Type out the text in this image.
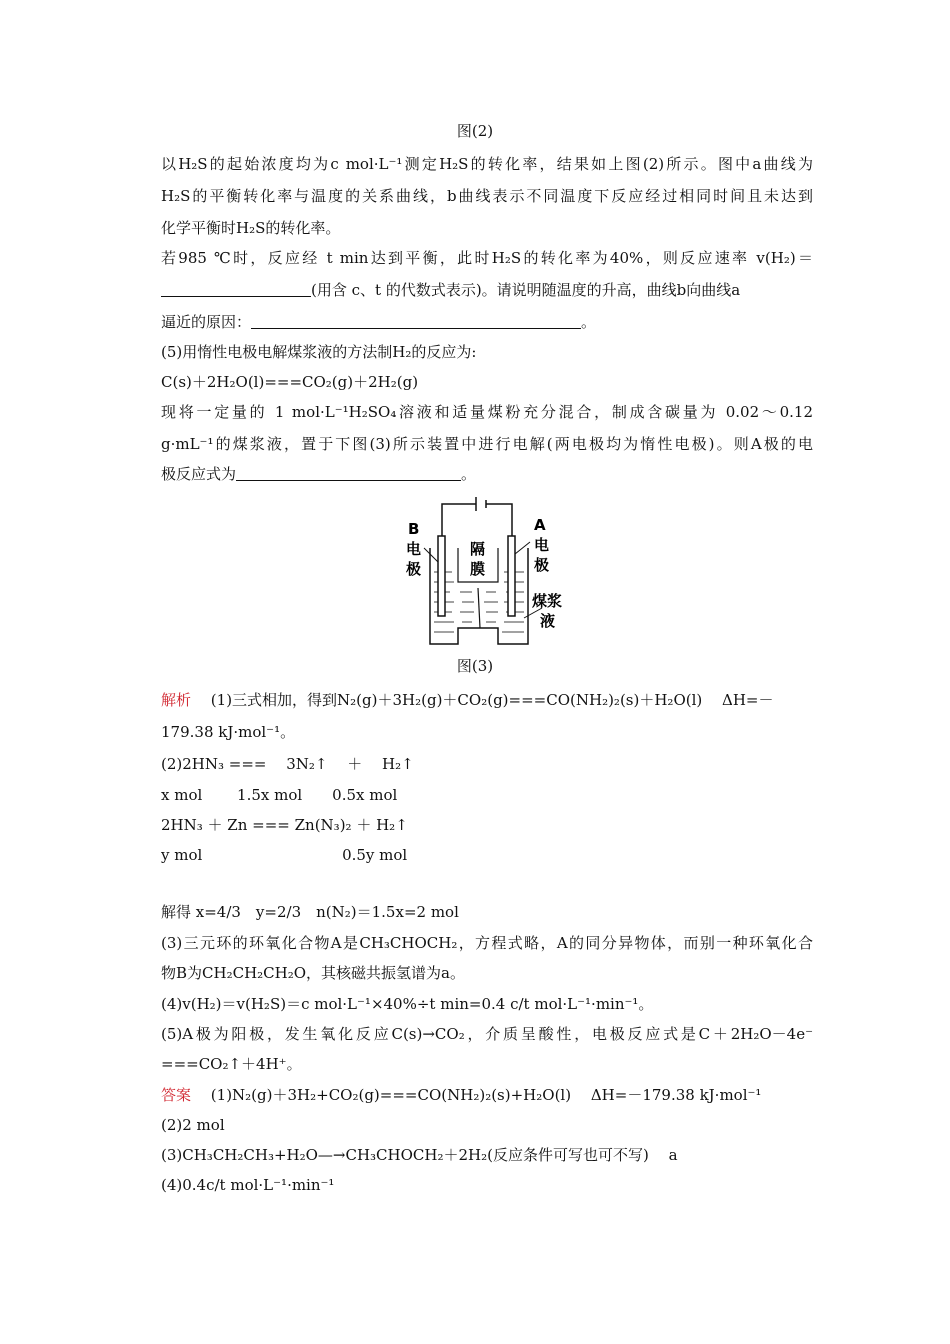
图(2)
以H₂S的起始浓度均为c mol·L⁻¹测定H₂S的转化率，结果如上图(2)所示。图中a曲线为
H₂S的平衡转化率与温度的关系曲线，b曲线表示不同温度下反应经过相同时间且未达到
化学平衡时H₂S的转化率。
若985 ℃时，反应经 t min达到平衡，此时H₂S的转化率为40%，则反应速率 v(H₂)＝
(用含 c、t 的代数式表示)。请说明随温度的升高，曲线b向曲线a
逼近的原因：	。
(5)用惰性电极电解煤浆液的方法制H₂的反应为:
C(s)＋2H₂O(l)===CO₂(g)＋2H₂(g)
现将一定量的 1 mol·L⁻¹H₂SO₄溶液和适量煤粉充分混合，制成含碳量为 0.02～0.12
g·mL⁻¹的煤浆液，置于下图(3)所示装置中进行电解(两电极均为惰性电极)。则A极的电
极反应式为	。
B
电
极
A
电
极
隔
膜
煤浆
液
图(3)
解析　 (1)三式相加，得到N₂(g)＋3H₂(g)＋CO₂(g)===CO(NH₂)₂(s)＋H₂O(l)　 ΔH=－
179.38 kJ·mol⁻¹。
(2)2HN₃ ===　 3N₂↑　 ＋　 H₂↑
x mol　　 1.5x mol　　0.5x mol
2HN₃ ＋ Zn === Zn(N₃)₂ ＋ H₂↑
y mol　　　　　　　　　 0.5y mol
解得 x=4/3　y=2/3　n(N₂)＝1.5x=2 mol
(3)三元环的环氧化合物A是CH₃CHOCH₂，方程式略，A的同分异物体，而别一种环氧化合
物B为CH₂CH₂CH₂O，其核磁共振氢谱为a。
(4)v(H₂)＝v(H₂S)＝c mol·L⁻¹×40%÷t min=0.4 c/t mol·L⁻¹·min⁻¹。
(5)A极为阳极，发生氧化反应C(s)→CO₂，介质呈酸性，电极反应式是C＋2H₂O－4e⁻
===CO₂↑＋4H⁺。
答案　 (1)N₂(g)＋3H₂+CO₂(g)===CO(NH₂)₂(s)+H₂O(l)　 ΔH=－179.38 kJ·mol⁻¹
(2)2 mol
(3)CH₃CH₂CH₃+H₂O—→CH₃CHOCH₂＋2H₂(反应条件可写也可不写)　 a
(4)0.4c/t mol·L⁻¹·min⁻¹
